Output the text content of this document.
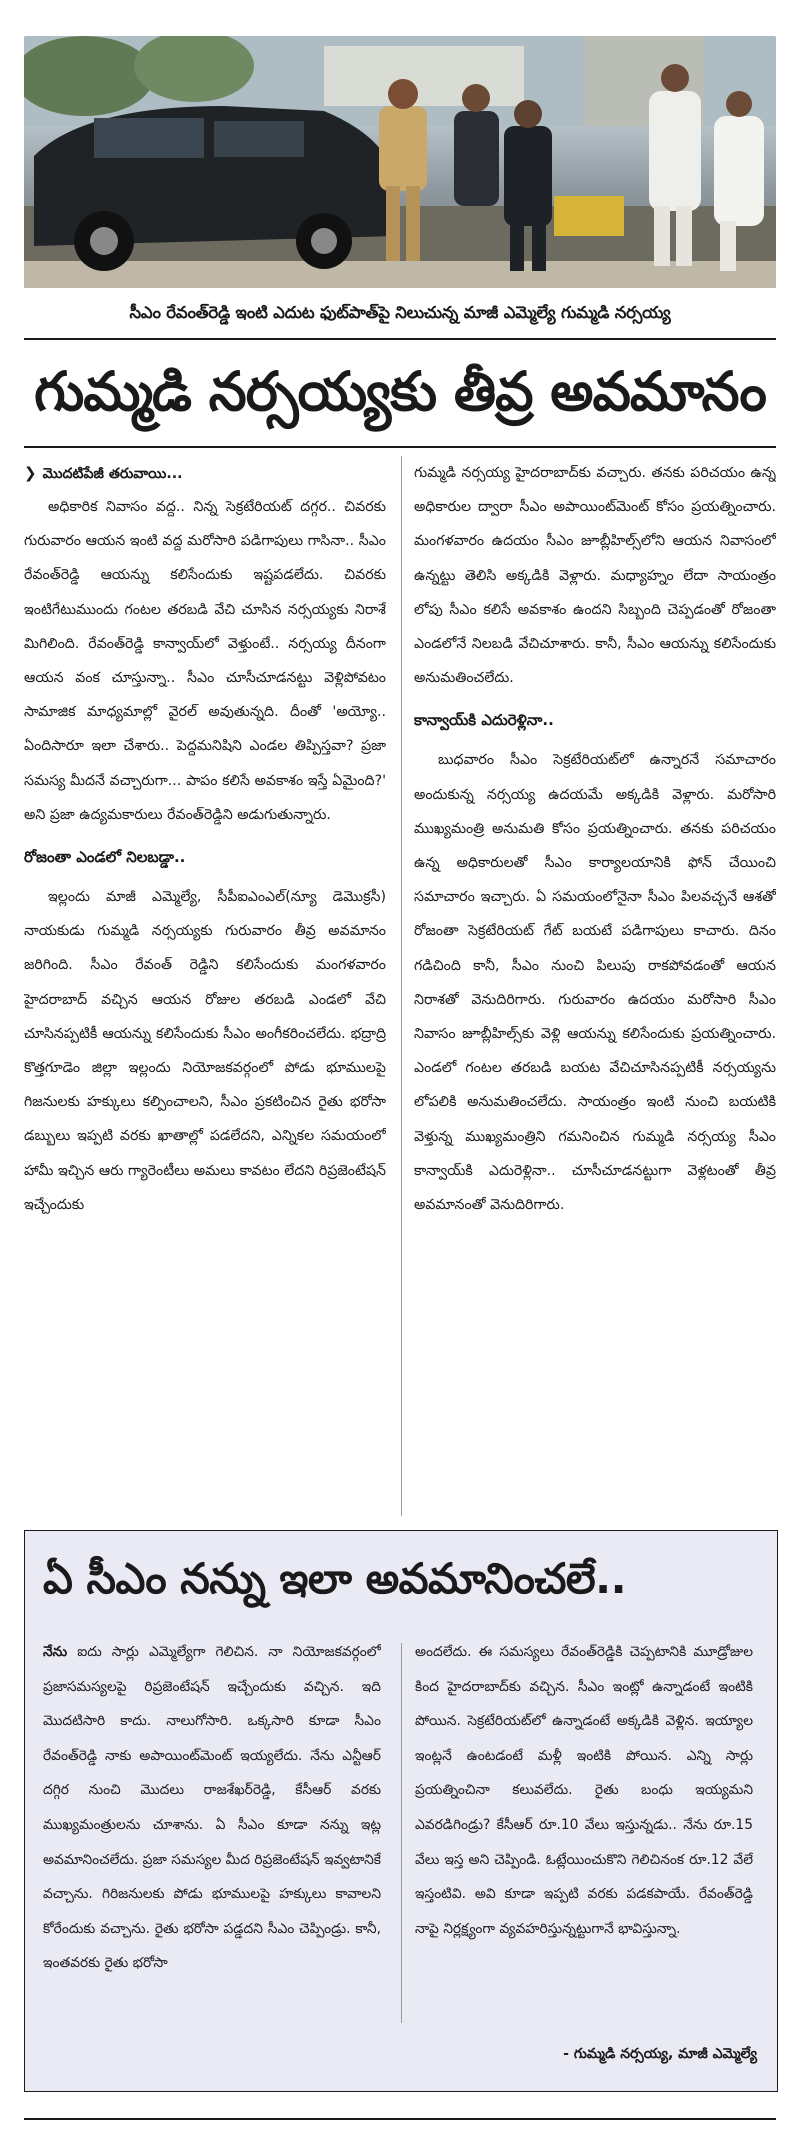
సీఎం రేవంత్‌రెడ్డి ఇంటి ఎదుట ఫుట్‌పాత్‌పై నిలుచున్న మాజీ ఎమ్మెల్యే గుమ్మడి నర్సయ్య
గుమ్మడి నర్సయ్యకు తీవ్ర అవమానం
❯ మొదటిపేజీ తరువాయి...

అధికారిక నివాసం వద్ద.. నిన్న సెక్రటేరియట్ దగ్గర.. చివరకు గురువారం ఆయన ఇంటి వద్ద మరోసారి పడిగాపులు గాసినా.. సీఎం రేవంత్‌రెడ్డి ఆయన్ను కలిసేందుకు ఇష్టపడలేదు. చివరకు ఇంటిగేటుముందు గంటల తరబడి వేచి చూసిన నర్సయ్యకు నిరాశే మిగిలింది. రేవంత్‌రెడ్డి కాన్వాయ్‌లో వెళ్తుంటే.. నర్సయ్య దీనంగా ఆయన వంక చూస్తున్నా.. సీఎం చూసీచూడనట్టు వెళ్లిపోవటం సామాజిక మాధ్యమాల్లో వైరల్ అవుతున్నది. దీంతో 'అయ్యో.. ఏందిసారూ ఇలా చేశారు.. పెద్దమనిషిని ఎండల తిప్పిస్తవా? ప్రజా సమస్య మీదనే వచ్చారుగా... పాపం కలిసే అవకాశం ఇస్తే ఏమైంది?' అని ప్రజా ఉద్యమకారులు రేవంత్‌రెడ్డిని అడుగుతున్నారు.

రోజంతా ఎండలో నిలబడ్డా..

ఇల్లందు మాజీ ఎమ్మెల్యే, సీపీఐఎంఎల్(న్యూ డెమొక్రసీ) నాయకుడు గుమ్మడి నర్సయ్యకు గురువారం తీవ్ర అవమానం జరిగింది. సీఎం రేవంత్ రెడ్డిని కలిసేందుకు మంగళవారం హైదరాబాద్ వచ్చిన ఆయన రోజుల తరబడి ఎండలో వేచి చూసినప్పటికీ ఆయన్ను కలిసేందుకు సీఎం అంగీకరించలేదు. భద్రాద్రి కొత్తగూడెం జిల్లా ఇల్లందు నియోజకవర్గంలో పోడు భూములపై గిజనులకు హక్కులు కల్పించాలని, సీఎం ప్రకటించిన రైతు భరోసా డబ్బులు ఇప్పటి వరకు ఖాతాల్లో పడలేదని, ఎన్నికల సమయంలో హామీ ఇచ్చిన ఆరు గ్యారెంటీలు అమలు కావటం లేదని రిప్రజెంటేషన్ ఇచ్చేందుకు

గుమ్మడి నర్సయ్య హైదరాబాద్‌కు వచ్చారు. తనకు పరిచయం ఉన్న అధికారుల ద్వారా సీఎం అపాయింట్‌మెంట్ కోసం ప్రయత్నించారు. మంగళవారం ఉదయం సీఎం జూబ్లీహిల్స్‌లోని ఆయన నివాసంలో ఉన్నట్టు తెలిసి అక్కడికి వెళ్లారు. మధ్యాహ్నం లేదా సాయంత్రం లోపు సీఎం కలిసే అవకాశం ఉందని సిబ్బంది చెప్పడంతో రోజంతా ఎండలోనే నిలబడి వేచిచూశారు. కానీ, సీఎం ఆయన్ను కలిసేందుకు అనుమతించలేదు.

కాన్వాయ్‌కి ఎదురెళ్లినా..

బుధవారం సీఎం సెక్రటేరియట్‌లో ఉన్నారనే సమాచారం అందుకున్న నర్సయ్య ఉదయమే అక్కడికి వెళ్లారు. మరోసారి ముఖ్యమంత్రి అనుమతి కోసం ప్రయత్నించారు. తనకు పరిచయం ఉన్న అధికారులతో సీఎం కార్యాలయానికి ఫోన్ చేయించి సమాచారం ఇచ్చారు. ఏ సమయంలోనైనా సీఎం పిలవచ్చనే ఆశతో రోజంతా సెక్రటేరియట్ గేట్ బయటే పడిగాపులు కాచారు. దినం గడిచింది కానీ, సీఎం నుంచి పిలుపు రాకపోవడంతో ఆయన నిరాశతో వెనుదిరిగారు. గురువారం ఉదయం మరోసారి సీఎం నివాసం జూబ్లీహిల్స్‌కు వెళ్లి ఆయన్ను కలిసేందుకు ప్రయత్నించారు. ఎండలో గంటల తరబడి బయట వేచిచూసినప్పటికీ నర్సయ్యను లోపలికి అనుమతించలేదు. సాయంత్రం ఇంటి నుంచి బయటికి వెళ్తున్న ముఖ్యమంత్రిని గమనించిన గుమ్మడి నర్సయ్య సీఎం కాన్వాయ్‌కి ఎదురెళ్లినా.. చూసీచూడనట్టుగా వెళ్లటంతో తీవ్ర అవమానంతో వెనుదిరిగారు.

ఏ సీఎం నన్ను ఇలా అవమానించలే..

నేను ఐదు సార్లు ఎమ్మెల్యేగా గెలిచిన. నా నియోజకవర్గంలో ప్రజాసమస్యలపై రిప్రజెంటేషన్ ఇచ్చేందుకు వచ్చిన. ఇది మొదటిసారి కాదు. నాలుగోసారి. ఒక్కసారి కూడా సీఎం రేవంత్‌రెడ్డి నాకు అపాయింట్‌మెంట్ ఇయ్యలేదు. నేను ఎన్టీఆర్ దగ్గిర నుంచి మొదలు రాజశేఖర్‌రెడ్డి, కేసీఆర్ వరకు ముఖ్యమంత్రులను చూశాను. ఏ సీఎం కూడా నన్ను ఇట్ల అవమానించలేదు. ప్రజా సమస్యల మీద రిప్రజెంటేషన్ ఇవ్వటానికే వచ్చాను. గిరిజనులకు పోడు భూములపై హక్కులు కావాలని కోరేందుకు వచ్చాను. రైతు భరోసా పడ్డదని సీఎం చెప్పిండ్రు. కానీ, ఇంతవరకు రైతు భరోసా

అందలేదు. ఈ సమస్యలు రేవంత్‌రెడ్డికి చెప్పటానికి మూడ్రోజుల కింద హైదరాబాద్‌కు వచ్చిన. సీఎం ఇంట్లో ఉన్నాడంటే ఇంటికి పోయిన. సెక్రటేరియట్‌లో ఉన్నాడంటే అక్కడికి వెళ్లిన. ఇయ్యాల ఇంట్లనే ఉంటడంటే మళ్లీ ఇంటికి పోయిన. ఎన్ని సార్లు ప్రయత్నించినా కలువలేదు. రైతు బంధు ఇయ్యమని ఎవరడిగిండ్రు? కేసీఆర్ రూ.10 వేలు ఇస్తున్నడు.. నేను రూ.15 వేలు ఇస్త అని చెప్పిండి. ఓట్లేయించుకొని గెలిచినంక రూ.12 వేలే ఇస్తంటివి. అవి కూడా ఇప్పటి వరకు పడకపాయే. రేవంత్‌రెడ్డి నాపై నిర్లక్ష్యంగా వ్యవహరిస్తున్నట్టుగానే భావిస్తున్నా.

- గుమ్మడి నర్సయ్య, మాజీ ఎమ్మెల్యే
